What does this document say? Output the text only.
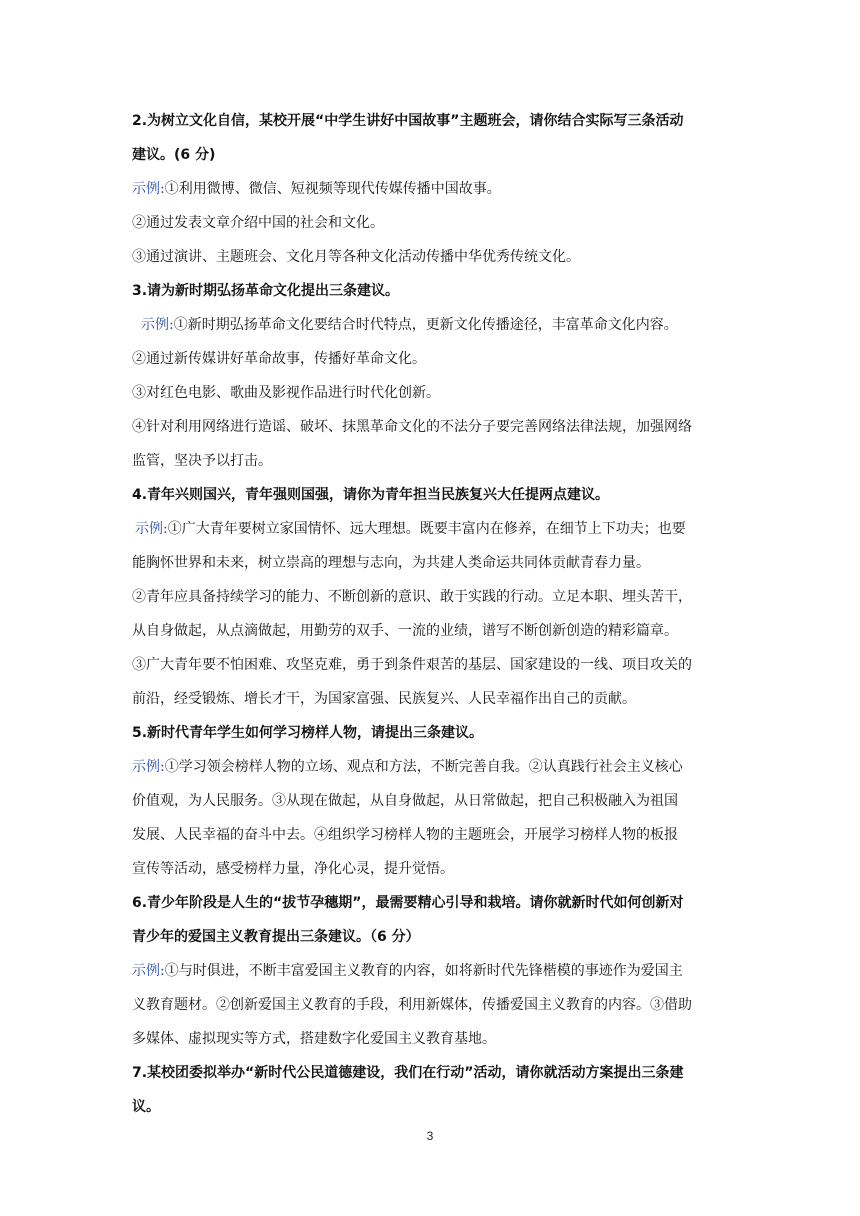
2.为树立文化自信，某校开展“中学生讲好中国故事”主题班会，请你结合实际写三条活动

建议。(6 分)

示例:①利用微博、微信、短视频等现代传媒传播中国故事。

②通过发表文章介绍中国的社会和文化。

③通过演讲、主题班会、文化月等各种文化活动传播中华优秀传统文化。

3.请为新时期弘扬革命文化提出三条建议。

示例:①新时期弘扬革命文化要结合时代特点，更新文化传播途径，丰富革命文化内容。

②通过新传媒讲好革命故事，传播好革命文化。

③对红色电影、歌曲及影视作品进行时代化创新。

④针对利用网络进行造谣、破坏、抹黑革命文化的不法分子要完善网络法律法规，加强网络

监管，坚决予以打击。

4.青年兴则国兴，青年强则国强，请你为青年担当民族复兴大任提两点建议。

示例:①广大青年要树立家国情怀、远大理想。既要丰富内在修养，在细节上下功夫；也要

能胸怀世界和未来，树立崇高的理想与志向，为共建人类命运共同体贡献青春力量。

②青年应具备持续学习的能力、不断创新的意识、敢于实践的行动。立足本职、埋头苦干，

从自身做起，从点滴做起，用勤劳的双手、一流的业绩，谱写不断创新创造的精彩篇章。

③广大青年要不怕困难、攻坚克难，勇于到条件艰苦的基层、国家建设的一线、项目攻关的

前沿，经受锻炼、增长才干，为国家富强、民族复兴、人民幸福作出自己的贡献。

5.新时代青年学生如何学习榜样人物，请提出三条建议。

示例:①学习领会榜样人物的立场、观点和方法，不断完善自我。②认真践行社会主义核心

价值观，为人民服务。③从现在做起，从自身做起，从日常做起，把自己积极融入为祖国

发展、人民幸福的奋斗中去。④组织学习榜样人物的主题班会，开展学习榜样人物的板报

宣传等活动，感受榜样力量，净化心灵，提升觉悟。

6.青少年阶段是人生的“拔节孕穗期”，最需要精心引导和栽培。请你就新时代如何创新对

青少年的爱国主义教育提出三条建议。（6 分）

示例:①与时俱进，不断丰富爱国主义教育的内容，如将新时代先锋楷模的事迹作为爱国主

义教育题材。②创新爱国主义教育的手段，利用新媒体，传播爱国主义教育的内容。③借助

多媒体、虚拟现实等方式，搭建数字化爱国主义教育基地。

7.某校团委拟举办“新时代公民道德建设，我们在行动”活动，请你就活动方案提出三条建

议。

3
